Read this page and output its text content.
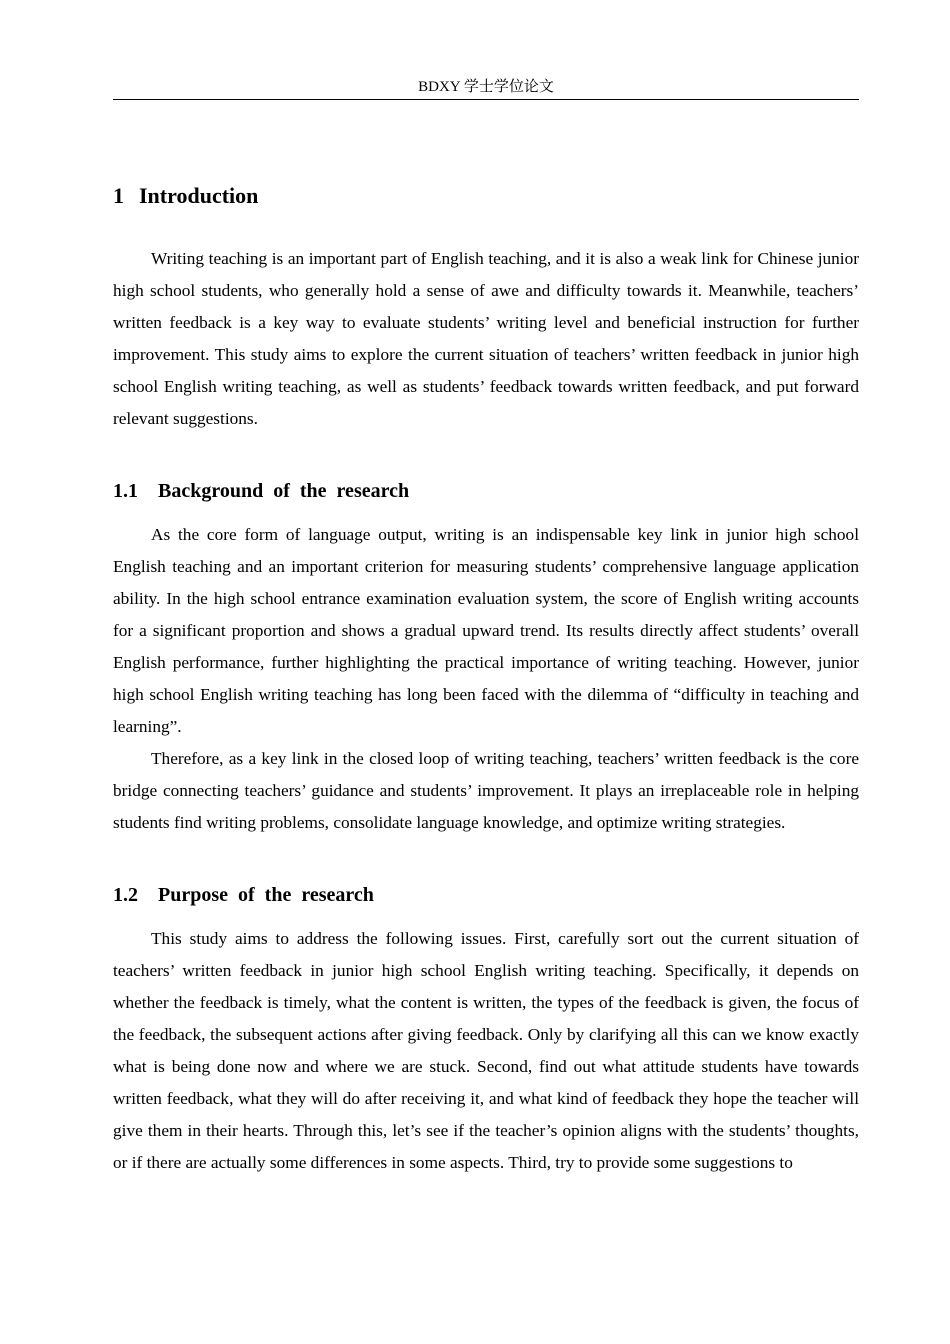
BDXY 学士学位论文
1 Introduction

Writing teaching is an important part of English teaching, and it is also a weak link for Chinese junior high school students, who generally hold a sense of awe and difficulty towards it. Meanwhile, teachers’ written feedback is a key way to evaluate students’ writing level and beneficial instruction for further improvement. This study aims to explore the current situation of teachers’ written feedback in junior high school English writing teaching, as well as students’ feedback towards written feedback, and put forward relevant suggestions.

1.1 Background of the research

As the core form of language output, writing is an indispensable key link in junior high school English teaching and an important criterion for measuring students’ comprehensive language application ability. In the high school entrance examination evaluation system, the score of English writing accounts for a significant proportion and shows a gradual upward trend. Its results directly affect students’ overall English performance, further highlighting the practical importance of writing teaching. However, junior high school English writing teaching has long been faced with the dilemma of “difficulty in teaching and learning”.

Therefore, as a key link in the closed loop of writing teaching, teachers’ written feedback is the core bridge connecting teachers’ guidance and students’ improvement. It plays an irreplaceable role in helping students find writing problems, consolidate language knowledge, and optimize writing strategies.

1.2 Purpose of the research

This study aims to address the following issues. First, carefully sort out the current situation of teachers’ written feedback in junior high school English writing teaching. Specifically, it depends on whether the feedback is timely, what the content is written, the types of the feedback is given, the focus of the feedback, the subsequent actions after giving feedback. Only by clarifying all this can we know exactly what is being done now and where we are stuck. Second, find out what attitude students have towards written feedback, what they will do after receiving it, and what kind of feedback they hope the teacher will give them in their hearts. Through this, let’s see if the teacher’s opinion aligns with the students’ thoughts, or if there are actually some differences in some aspects. Third, try to provide some suggestions to
